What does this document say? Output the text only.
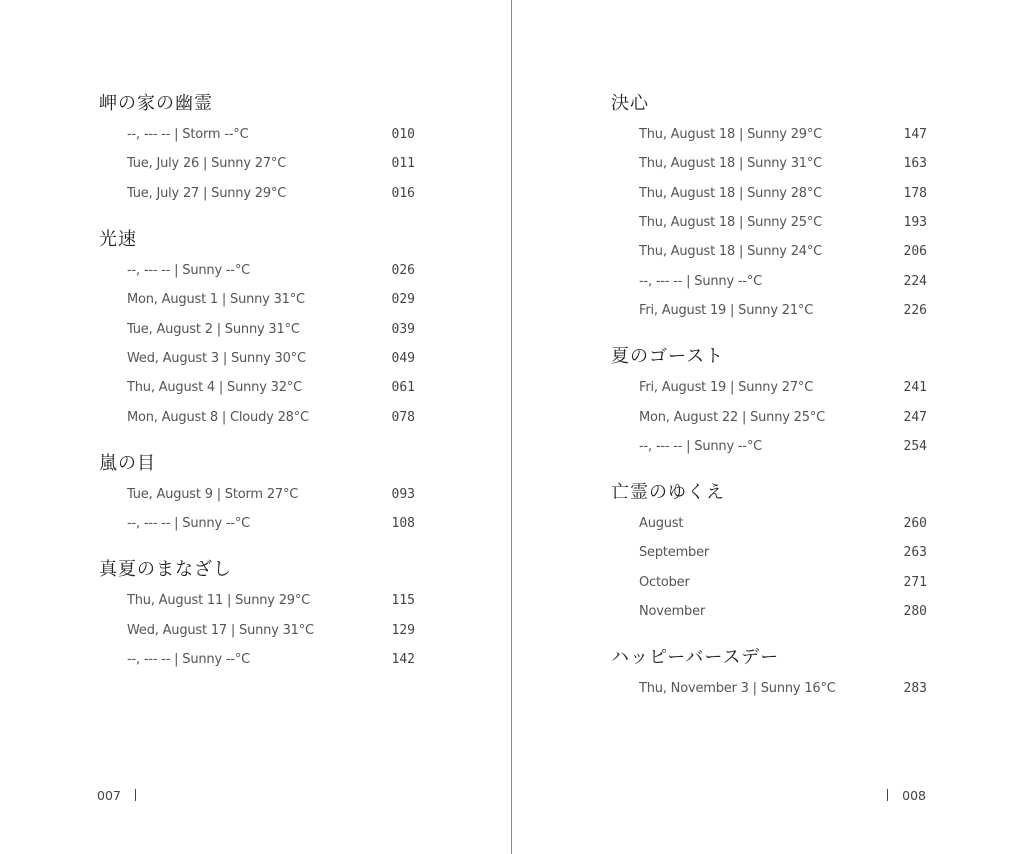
岬の家の幽霊
--, --- -- | Storm --°C	010
Tue, July 26 | Sunny 27°C	011
Tue, July 27 | Sunny 29°C	016
光速
--, --- -- | Sunny --°C	026
Mon, August 1 | Sunny 31°C	029
Tue, August 2 | Sunny 31°C	039
Wed, August 3 | Sunny 30°C	049
Thu, August 4 | Sunny 32°C	061
Mon, August 8 | Cloudy 28°C	078
嵐の目
Tue, August 9 | Storm 27°C	093
--, --- -- | Sunny --°C	108
真夏のまなざし
Thu, August 11 | Sunny 29°C	115
Wed, August 17 | Sunny 31°C	129
--, --- -- | Sunny --°C	142
007
決心
Thu, August 18 | Sunny 29°C	147
Thu, August 18 | Sunny 31°C	163
Thu, August 18 | Sunny 28°C	178
Thu, August 18 | Sunny 25°C	193
Thu, August 18 | Sunny 24°C	206
--, --- -- | Sunny --°C	224
Fri, August 19 | Sunny 21°C	226
夏のゴースト
Fri, August 19 | Sunny 27°C	241
Mon, August 22 | Sunny 25°C	247
--, --- -- | Sunny --°C	254
亡霊のゆくえ
August	260
September	263
October	271
November	280
ハッピーバースデー
Thu, November 3 | Sunny 16°C	283
008
